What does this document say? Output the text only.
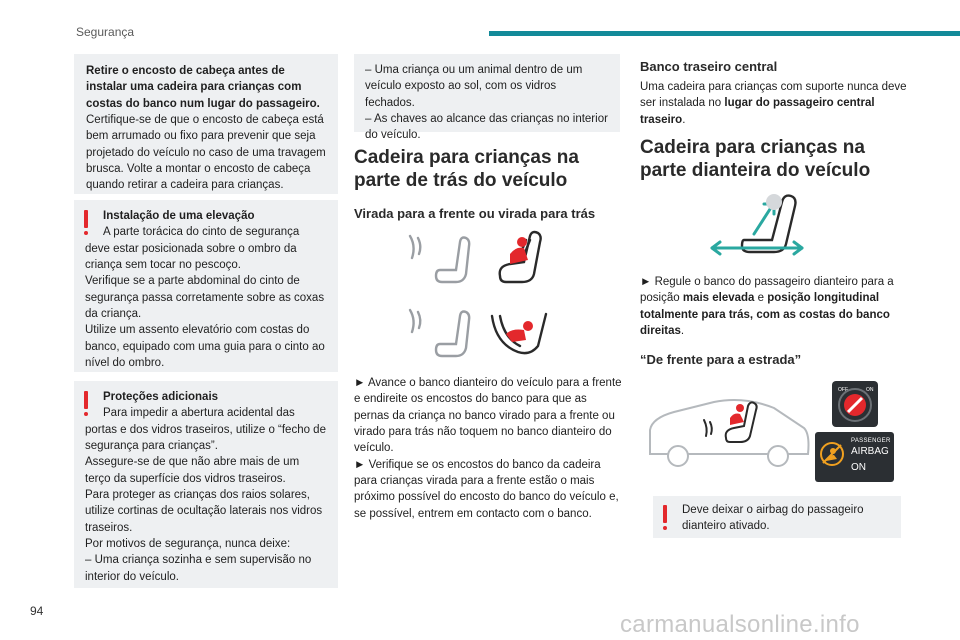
Segurança

Retire o encosto de cabeça antes de instalar uma cadeira para crianças com costas do banco num lugar do passageiro.

Certifique-se de que o encosto de cabeça está bem arrumado ou fixo para prevenir que seja projetado do veículo no caso de uma travagem brusca. Volte a montar o encosto de cabeça quando retirar a cadeira para crianças.

Instalação de uma elevação

A parte torácica do cinto de segurança deve estar posicionada sobre o ombro da criança sem tocar no pescoço.

Verifique se a parte abdominal do cinto de segurança passa corretamente sobre as coxas da criança.

Utilize um assento elevatório com costas do banco, equipado com uma guia para o cinto ao nível do ombro.

Proteções adicionais

Para impedir a abertura acidental das portas e dos vidros traseiros, utilize o “fecho de segurança para crianças”.

Assegure-se de que não abre mais de um terço da superfície dos vidros traseiros.

Para proteger as crianças dos raios solares, utilize cortinas de ocultação laterais nos vidros traseiros.

Por motivos de segurança, nunca deixe:

– Uma criança sozinha e sem supervisão no interior do veículo.

– Uma criança ou um animal dentro de um veículo exposto ao sol, com os vidros fechados.

– As chaves ao alcance das crianças no interior do veículo.

Cadeira para crianças na parte de trás do veículo
Virada para a frente ou virada para trás

► Avance o banco dianteiro do veículo para a frente e endireite os encostos do banco para que as pernas da criança no banco virado para a frente ou virado para trás não toquem no banco dianteiro do veículo.

► Verifique se os encostos do banco da cadeira para crianças virada para a frente estão o mais próximo possível do encosto do banco do veículo e, se possível, entrem em contacto com o banco.

Banco traseiro central

Uma cadeira para crianças com suporte nunca deve ser instalada no lugar do passageiro central traseiro.

Cadeira para crianças na parte dianteira do veículo

► Regule o banco do passageiro dianteiro para a posição mais elevada e posição longitudinal totalmente para trás, com as costas do banco direitas.

“De frente para a estrada”
OFF	ON
PASSENGER
AIRBAG
ON

Deve deixar o airbag do passageiro dianteiro ativado.

94	carmanualsonline.info
